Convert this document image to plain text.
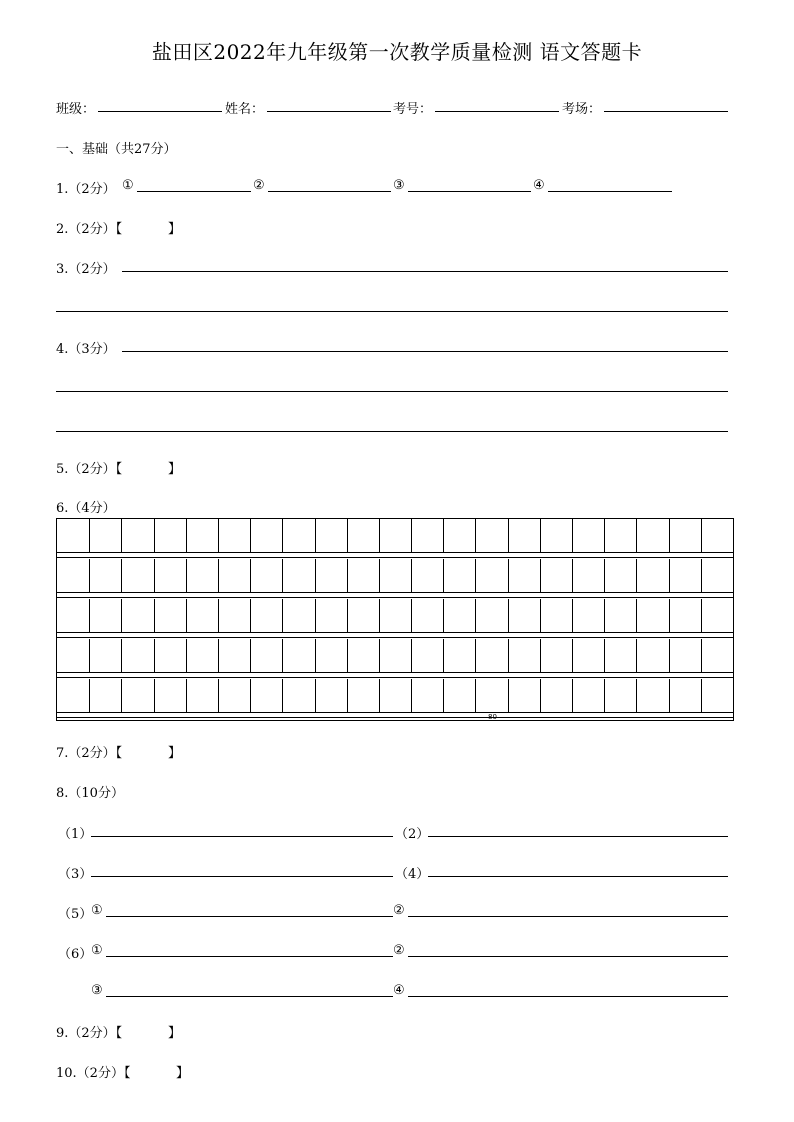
盐田区2022年九年级第一次教学质量检测 语文答题卡
班级：	姓名：	考号：	考场：
一、基础（共27分）
1.（2分） ①	②	③	④
2.（2分）【	】
3.（2分）
4.（3分）
5.（2分）【	】
6.（4分）
80
7.（2分）【	】
8.（10分）
（1）	（2）
（3）	（4）
（5）
①	②
（6）
①	②
③	④
9.（2分）【	】
10.（2分）【	】
